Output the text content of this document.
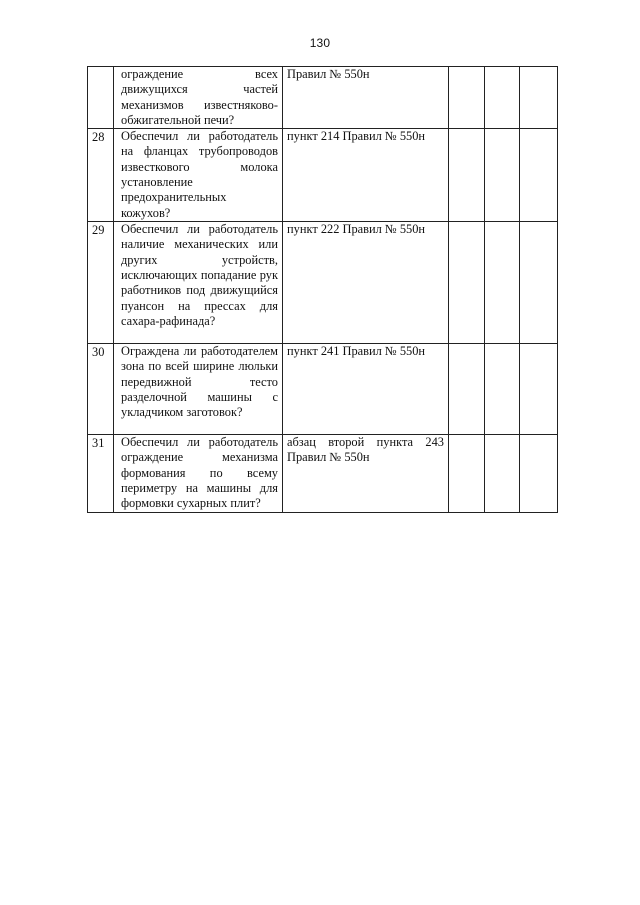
130

	ограждение всех движущихся частей механизмов известняково-обжигательной печи?	Правил № 550н			

28	Обеспечил ли работодатель на фланцах трубопроводов известкового молока установление предохранительных кожухов?	пункт 214 Правил № 550н			

29	Обеспечил ли работодатель наличие механических или других устройств, исключающих попадание рук работников под движущийся пуансон на прессах для сахара-рафинада?	пункт 222 Правил № 550н			

30	Ограждена ли работодателем зона по всей ширине люльки передвижной тесто разделочной машины с укладчиком заготовок?	пункт 241 Правил № 550н			

31	Обеспечил ли работодатель ограждение механизма формования по всему периметру на машины для формовки сухарных плит?	абзац второй пункта 243 Правил № 550н			
